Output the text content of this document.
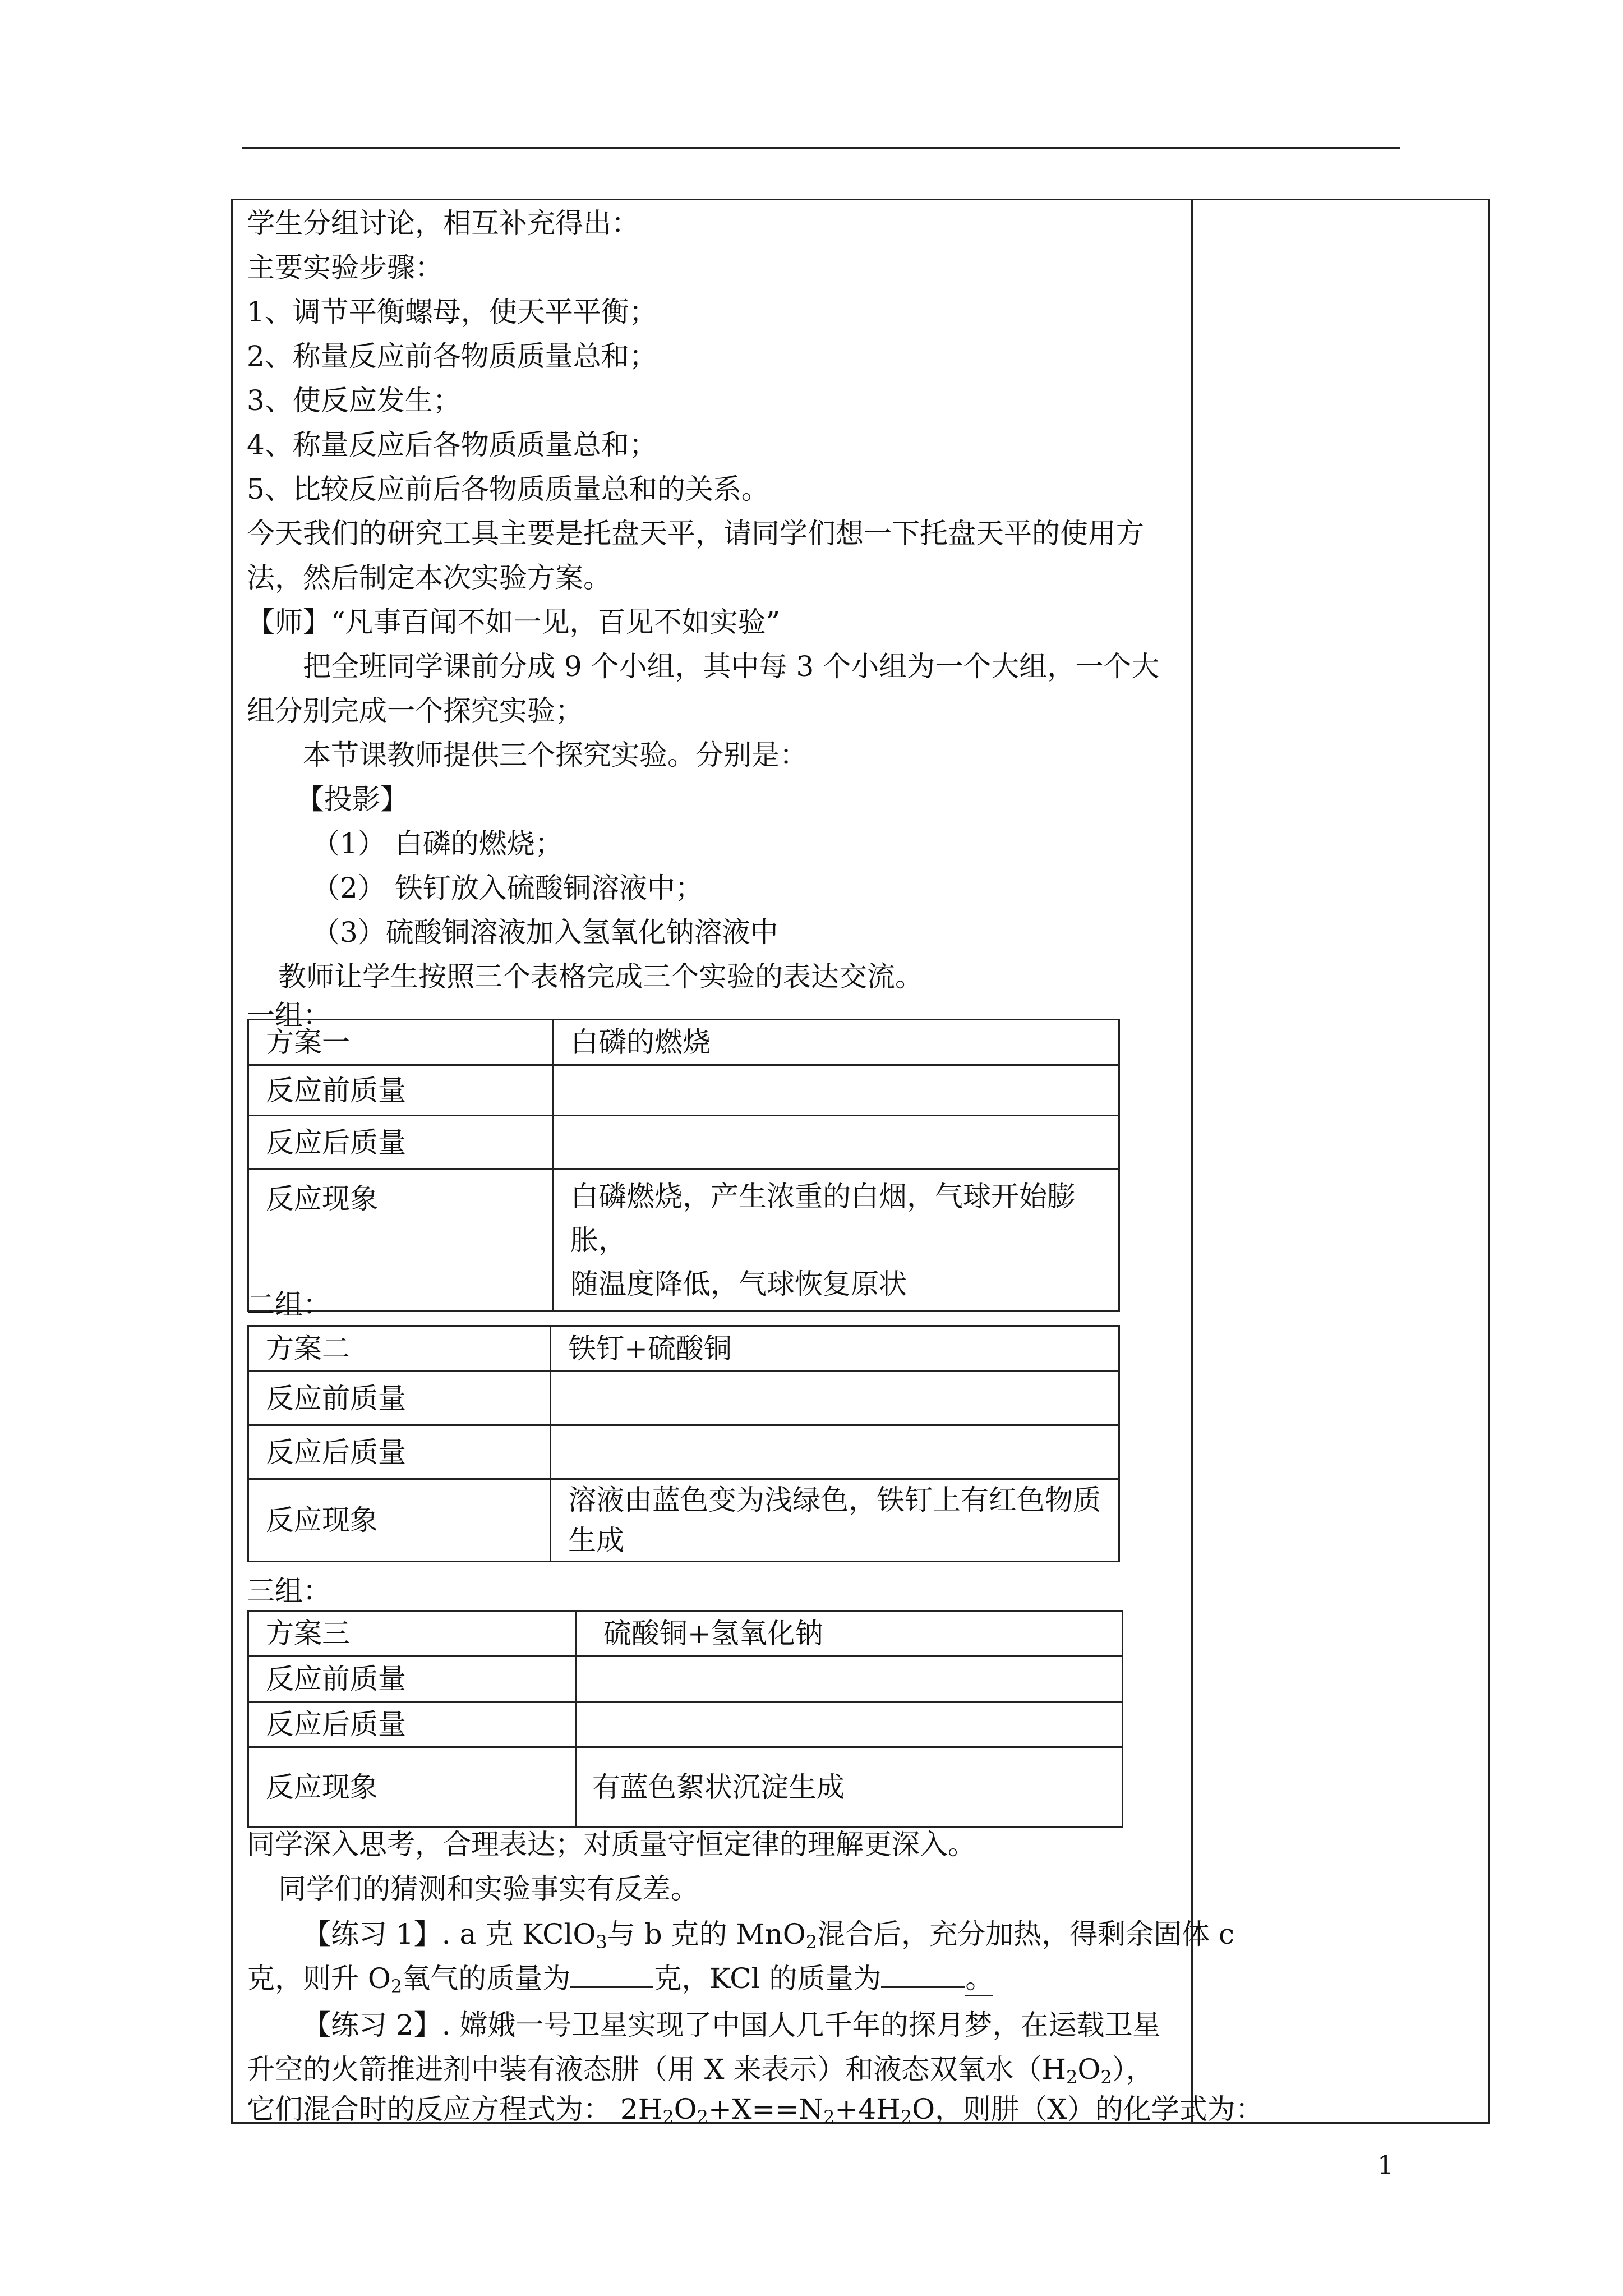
学生分组讨论，相互补充得出：
主要实验步骤：
1、调节平衡螺母，使天平平衡；
2、称量反应前各物质质量总和；
3、使反应发生；
4、称量反应后各物质质量总和；
5、比较反应前后各物质质量总和的关系。
今天我们的研究工具主要是托盘天平，请同学们想一下托盘天平的使用方
法，然后制定本次实验方案。
【师】“凡事百闻不如一见，百见不如实验”
把全班同学课前分成 9 个小组，其中每 3 个小组为一个大组，一个大
组分别完成一个探究实验；
本节课教师提供三个探究实验。分别是：
【投影】
（1） 白磷的燃烧；
（2） 铁钉放入硫酸铜溶液中；
（3）硫酸铜溶液加入氢氧化钠溶液中
教师让学生按照三个表格完成三个实验的表达交流。
一组：
方案一	白磷的燃烧
反应前质量	
反应后质量	
反应现象	白磷燃烧，产生浓重的白烟，气球开始膨胀，
随温度降低，气球恢复原状
二组：
方案二	铁钉+硫酸铜
反应前质量	
反应后质量	
反应现象	溶液由蓝色变为浅绿色，铁钉上有红色物质
生成
三组：
方案三	硫酸铜+氢氧化钠
反应前质量	
反应后质量	
反应现象	有蓝色絮状沉淀生成
同学深入思考，合理表达；对质量守恒定律的理解更深入。
同学们的猜测和实验事实有反差。
【练习 1】. a 克 KClO$_3$与 b 克的 MnO$_2$混合后，充分加热，得剩余固体 c
克，则升 $O_2$氧气的质量为	克，KCl 的质量为	。
【练习 2】. 嫦娥一号卫星实现了中国人几千年的探月梦，在运载卫星
升空的火箭推进剂中装有液态肼（用 X 来表示）和液态双氧水$(H_2O_2)$，
它们混合时的反应方程式为： $2H_2O_2+X==N_2+4H_2O$，则肼（X）的化学式为：
1
